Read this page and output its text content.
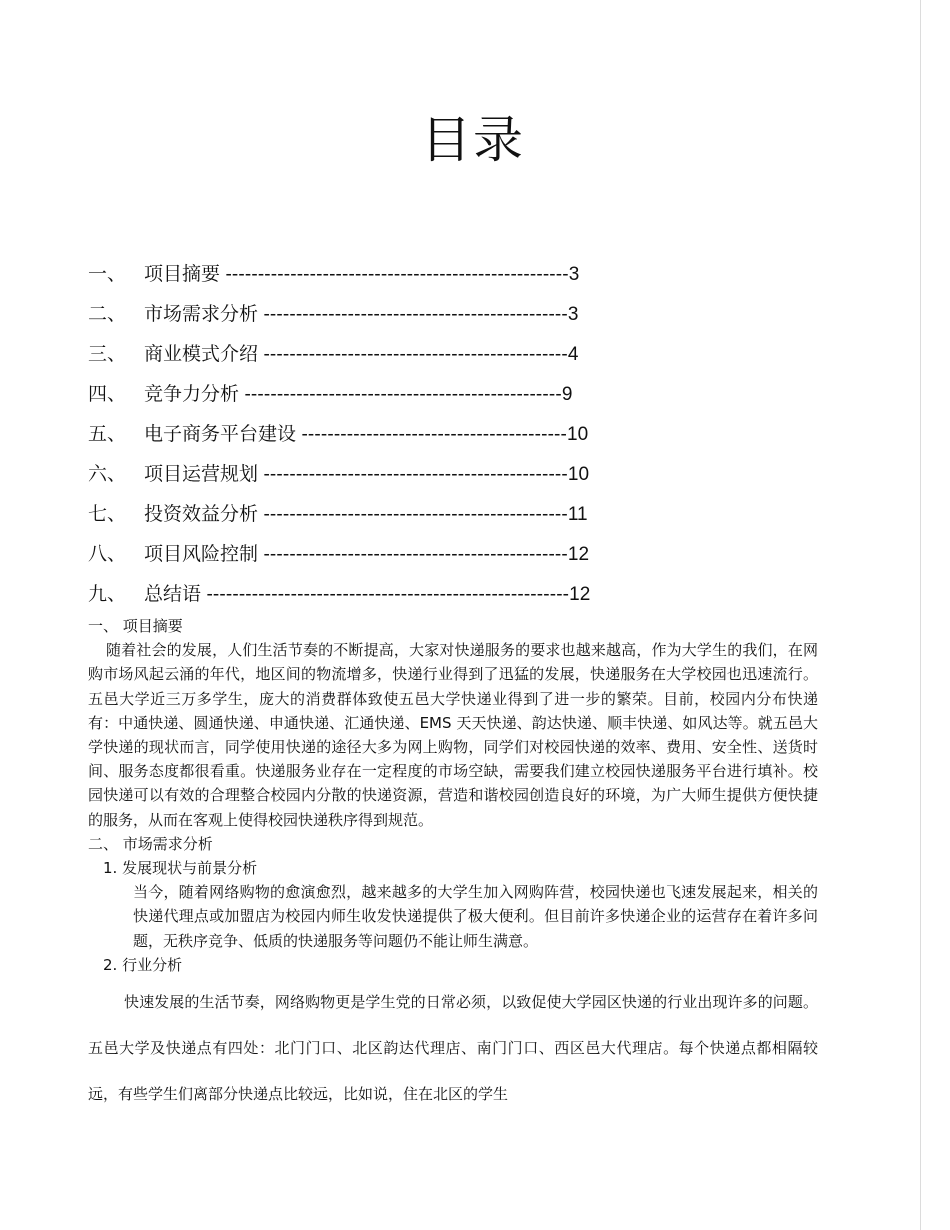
目录
一、 项目摘要 -----------------------------------------------------3
二、 市场需求分析 -----------------------------------------------3
三、 商业模式介绍 -----------------------------------------------4
四、 竞争力分析 -------------------------------------------------9
五、 电子商务平台建设 -----------------------------------------10
六、 项目运营规划 -----------------------------------------------10
七、 投资效益分析 -----------------------------------------------11
八、 项目风险控制 -----------------------------------------------12
九、 总结语 --------------------------------------------------------12
一、 项目摘要

随着社会的发展，人们生活节奏的不断提高，大家对快递服务的要求也越来越高，作为大学生的我们，在网购市场风起云涌的年代，地区间的物流增多，快递行业得到了迅猛的发展，快递服务在大学校园也迅速流行。五邑大学近三万多学生，庞大的消费群体致使五邑大学快递业得到了进一步的繁荣。目前，校园内分布快递有：中通快递、圆通快递、申通快递、汇通快递、EMS 天天快递、韵达快递、顺丰快递、如风达等。就五邑大学快递的现状而言，同学使用快递的途径大多为网上购物，同学们对校园快递的效率、费用、安全性、送货时间、服务态度都很看重。快递服务业存在一定程度的市场空缺，需要我们建立校园快递服务平台进行填补。校园快递可以有效的合理整合校园内分散的快递资源，营造和谐校园创造良好的环境，为广大师生提供方便快捷的服务，从而在客观上使得校园快递秩序得到规范。

二、 市场需求分析
1. 发展现状与前景分析

当今，随着网络购物的愈演愈烈，越来越多的大学生加入网购阵营，校园快递也飞速发展起来，相关的快递代理点或加盟店为校园内师生收发快递提供了极大便利。但目前许多快递企业的运营存在着许多问题，无秩序竞争、低质的快递服务等问题仍不能让师生满意。

2. 行业分析

快速发展的生活节奏，网络购物更是学生党的日常必须，以致促使大学园区快递的行业出现许多的问题。五邑大学及快递点有四处：北门门口、北区韵达代理店、南门门口、西区邑大代理店。每个快递点都相隔较远，有些学生们离部分快递点比较远，比如说，住在北区的学生
